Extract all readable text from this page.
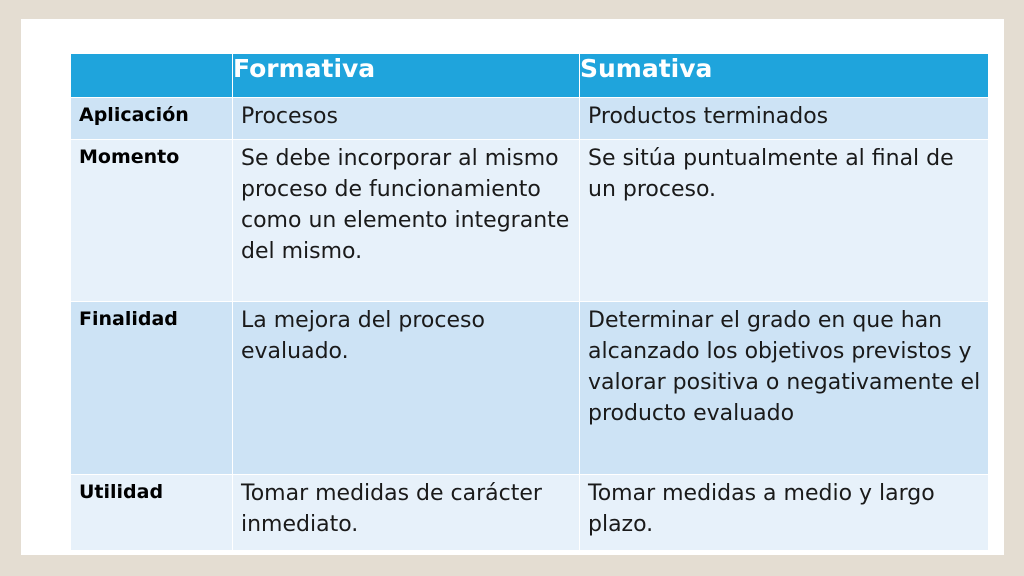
	Formativa	Sumativa
Aplicación	Procesos	Productos terminados
Momento	Se debe incorporar al mismo proceso de funcionamiento como un elemento integrante del mismo.	Se sitúa puntualmente al final de un proceso.
Finalidad	La mejora del proceso evaluado.	Determinar el grado en que han alcanzado los objetivos previstos y valorar positiva o negativamente el producto evaluado
Utilidad	Tomar medidas de carácter inmediato.	Tomar medidas a medio y largo plazo.
